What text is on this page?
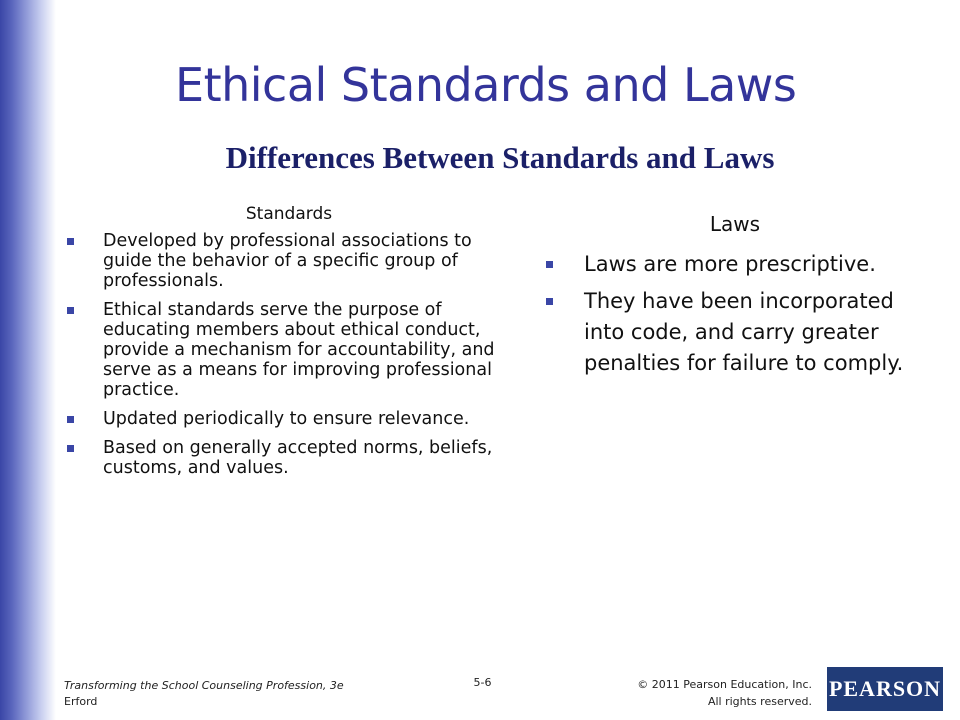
Ethical Standards and Laws
Differences Between Standards and Laws
Standards
Developed by professional associations to guide the behavior of a specific group of professionals.
Ethical standards serve the purpose of educating members about ethical conduct, provide a mechanism for accountability, and serve as a means for improving professional practice.
Updated periodically to ensure relevance.
Based on generally accepted norms, beliefs, customs, and values.
Laws
Laws are more prescriptive.
They have been incorporated into code, and carry greater penalties for failure to comply.
Transforming the School Counseling Profession, 3e
Erford
5-6	© 2011 Pearson Education, Inc.
All rights reserved.
PEARSON
